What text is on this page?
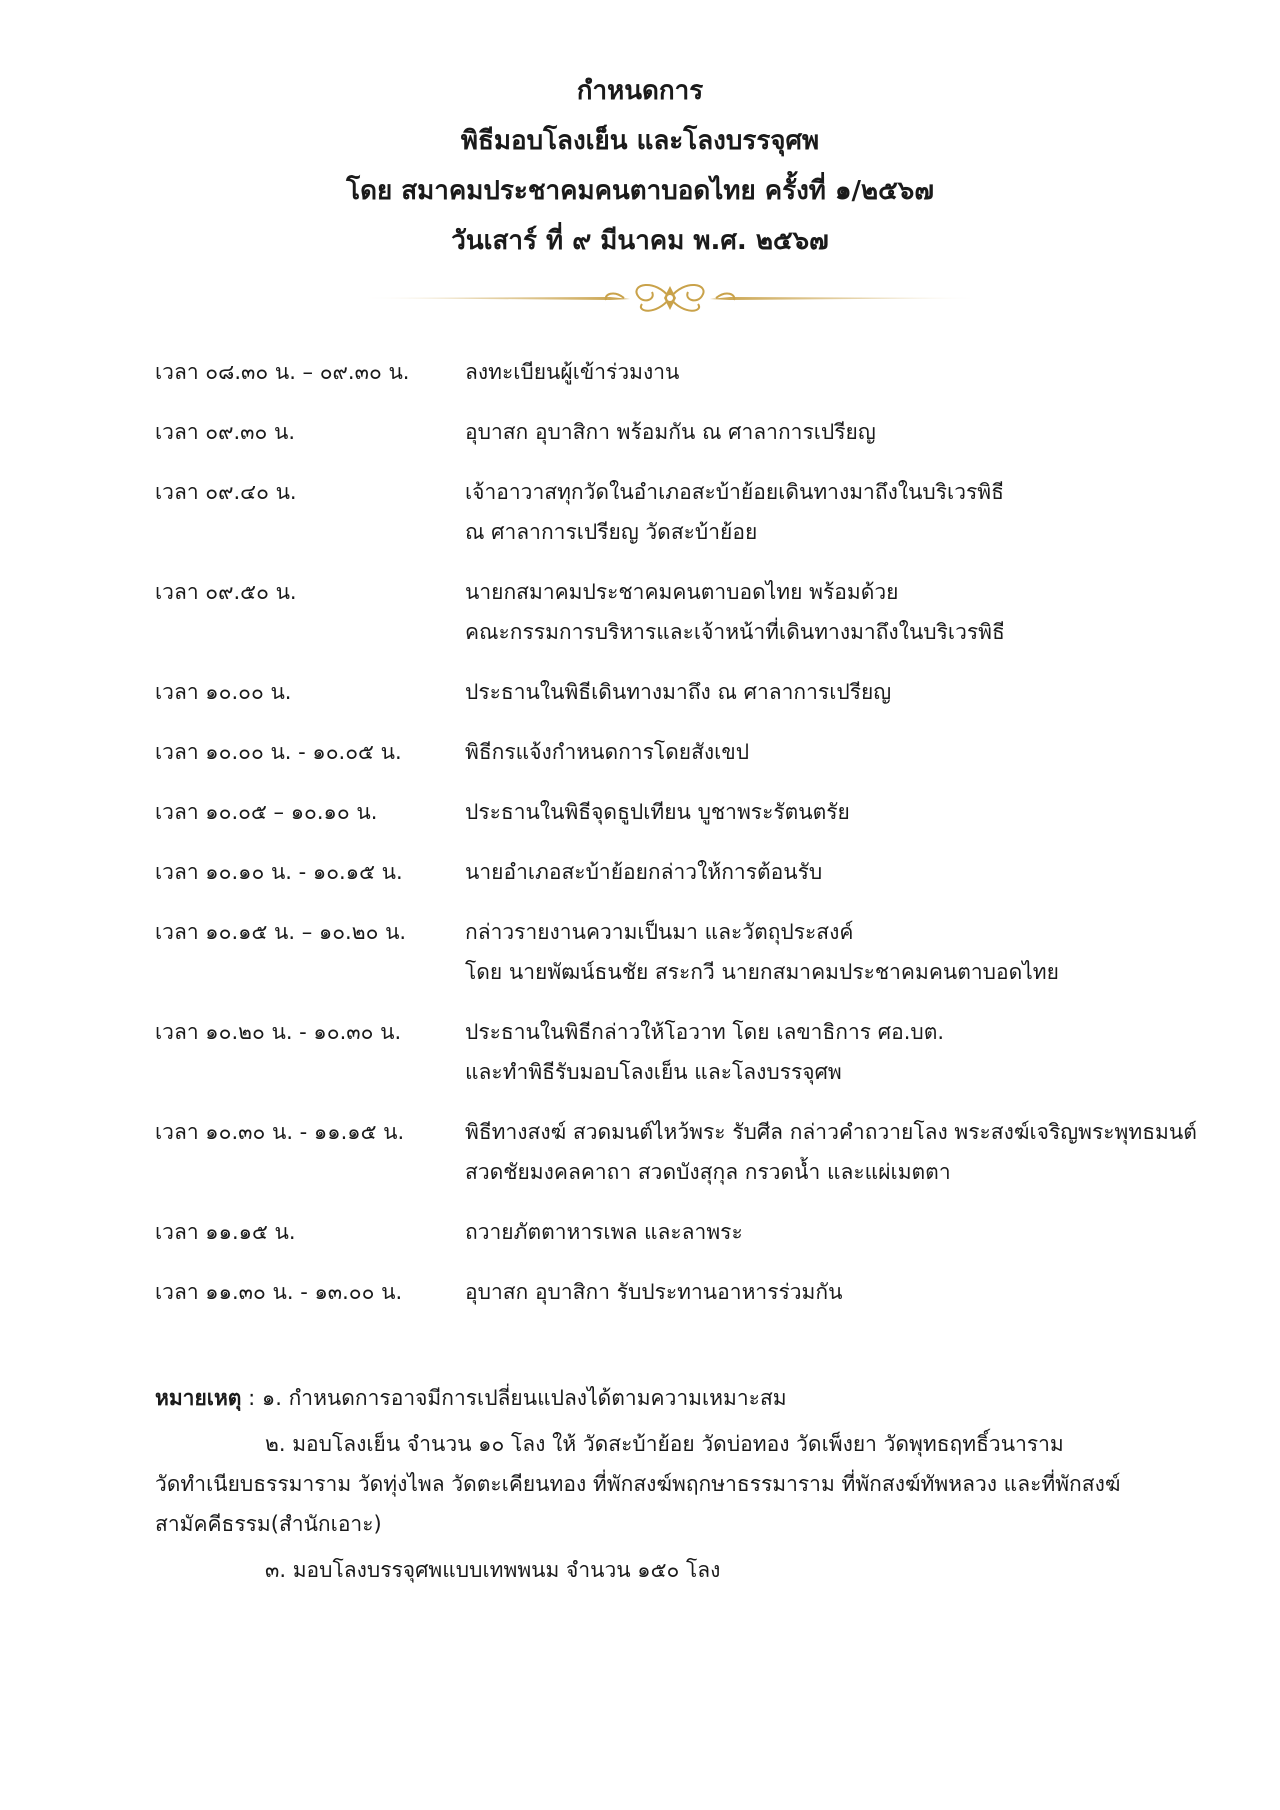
กำหนดการ
พิธีมอบโลงเย็น และโลงบรรจุศพ
โดย สมาคมประชาคมคนตาบอดไทย ครั้งที่ ๑/๒๕๖๗
วันเสาร์ ที่ ๙ มีนาคม พ.ศ. ๒๕๖๗
เวลา ๐๘.๓๐ น. – ๐๙.๓๐ น.	ลงทะเบียนผู้เข้าร่วมงาน
เวลา ๐๙.๓๐ น.	อุบาสก อุบาสิกา พร้อมกัน ณ ศาลาการเปรียญ
เวลา ๐๙.๔๐ น.	เจ้าอาวาสทุกวัดในอำเภอสะบ้าย้อยเดินทางมาถึงในบริเวรพิธี
ณ ศาลาการเปรียญ วัดสะบ้าย้อย
เวลา ๐๙.๕๐ น.	นายกสมาคมประชาคมคนตาบอดไทย พร้อมด้วย
คณะกรรมการบริหารและเจ้าหน้าที่เดินทางมาถึงในบริเวรพิธี
เวลา ๑๐.๐๐ น.	ประธานในพิธีเดินทางมาถึง ณ ศาลาการเปรียญ
เวลา ๑๐.๐๐ น. - ๑๐.๐๕ น.	พิธีกรแจ้งกำหนดการโดยสังเขป
เวลา ๑๐.๐๕ – ๑๐.๑๐ น.	ประธานในพิธีจุดธูปเทียน บูชาพระรัตนตรัย
เวลา ๑๐.๑๐ น. - ๑๐.๑๕ น.	นายอำเภอสะบ้าย้อยกล่าวให้การต้อนรับ
เวลา ๑๐.๑๕ น. – ๑๐.๒๐ น.	กล่าวรายงานความเป็นมา และวัตถุประสงค์
โดย นายพัฒน์ธนชัย สระกวี นายกสมาคมประชาคมคนตาบอดไทย
เวลา ๑๐.๒๐ น. - ๑๐.๓๐ น.	ประธานในพิธีกล่าวให้โอวาท โดย เลขาธิการ ศอ.บต.
และทำพิธีรับมอบโลงเย็น และโลงบรรจุศพ
เวลา ๑๐.๓๐ น. - ๑๑.๑๕ น.	พิธีทางสงฆ์ สวดมนต์ไหว้พระ รับศีล กล่าวคำถวายโลง พระสงฆ์เจริญพระพุทธมนต์
สวดชัยมงคลคาถา สวดบังสุกุล กรวดน้ำ และแผ่เมตตา
เวลา ๑๑.๑๕ น.	ถวายภัตตาหารเพล และลาพระ
เวลา ๑๑.๓๐ น. - ๑๓.๐๐ น.	อุบาสก อุบาสิกา รับประทานอาหารร่วมกัน
หมายเหตุ : ๑. กำหนดการอาจมีการเปลี่ยนแปลงได้ตามความเหมาะสม
๒. มอบโลงเย็น จำนวน ๑๐ โลง ให้ วัดสะบ้าย้อย วัดบ่อทอง วัดเพ็งยา วัดพุทธฤทธิ์วนาราม
วัดทำเนียบธรรมาราม วัดทุ่งไพล วัดตะเคียนทอง ที่พักสงฆ์พฤกษาธรรมาราม ที่พักสงฆ์ทัพหลวง และที่พักสงฆ์
สามัคคีธรรม(สำนักเอาะ)
๓. มอบโลงบรรจุศพแบบเทพพนม จำนวน ๑๕๐ โลง
